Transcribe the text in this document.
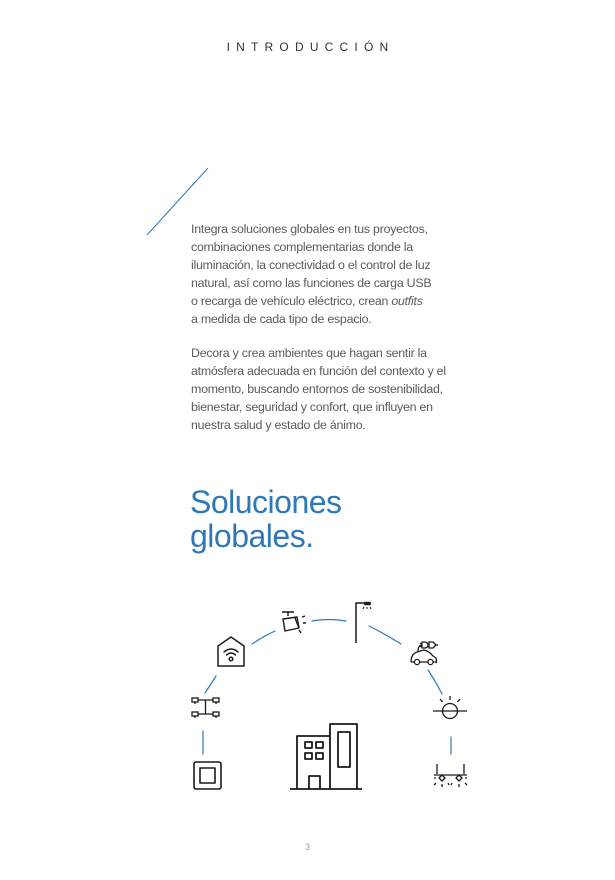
INTRODUCCIÓN
Integra soluciones globales en tus proyectos,
combinaciones complementarias donde la
iluminación, la conectividad o el control de luz
natural, así como las funciones de carga USB
o recarga de vehículo eléctrico, crean outfits
a medida de cada tipo de espacio.
Decora y crea ambientes que hagan sentir la
atmósfera adecuada en función del contexto y el
momento, buscando entornos de sostenibilidad,
bienestar, seguridad y confort, que influyen en
nuestra salud y estado de ánimo.
Soluciones
globales.
3
